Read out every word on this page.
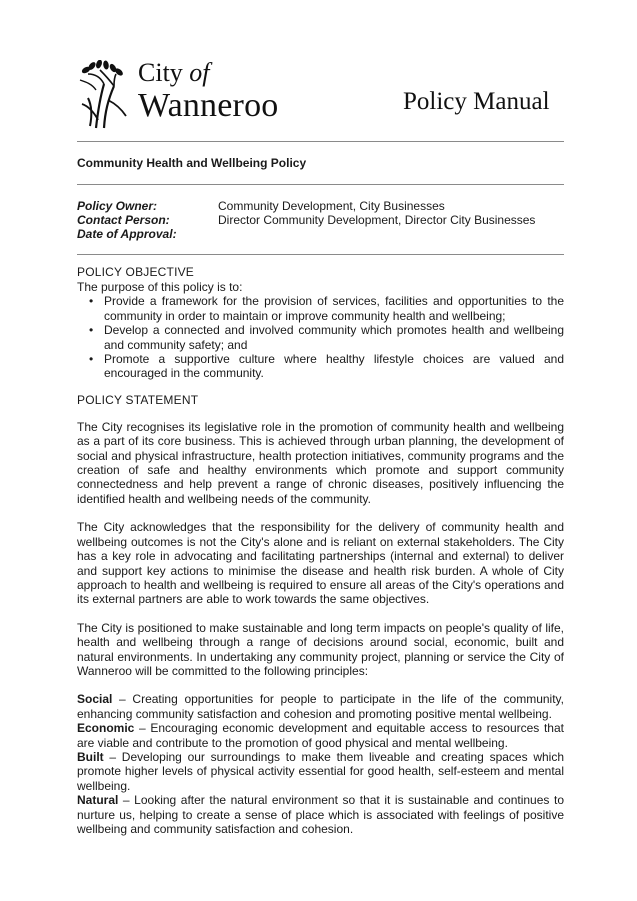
City of
Wanneroo	Policy Manual
Community Health and Wellbeing Policy
Policy Owner:	Community Development, City Businesses
Contact Person:	Director Community Development, Director City Businesses
Date of Approval:
POLICY OBJECTIVE

The purpose of this policy is to:

• Provide a framework for the provision of services, facilities and opportunities to the community in order to maintain or improve community health and wellbeing;
• Develop a connected and involved community which promotes health and wellbeing and community safety; and
• Promote a supportive culture where healthy lifestyle choices are valued and encouraged in the community.
POLICY STATEMENT

The City recognises its legislative role in the promotion of community health and wellbeing as a part of its core business. This is achieved through urban planning, the development of social and physical infrastructure, health protection initiatives, community programs and the creation of safe and healthy environments which promote and support community connectedness and help prevent a range of chronic diseases, positively influencing the identified health and wellbeing needs of the community.

The City acknowledges that the responsibility for the delivery of community health and wellbeing outcomes is not the City's alone and is reliant on external stakeholders. The City has a key role in advocating and facilitating partnerships (internal and external) to deliver and support key actions to minimise the disease and health risk burden. A whole of City approach to health and wellbeing is required to ensure all areas of the City's operations and its external partners are able to work towards the same objectives.

The City is positioned to make sustainable and long term impacts on people's quality of life, health and wellbeing through a range of decisions around social, economic, built and natural environments. In undertaking any community project, planning or service the City of Wanneroo will be committed to the following principles:

Social – Creating opportunities for people to participate in the life of the community, enhancing community satisfaction and cohesion and promoting positive mental wellbeing.

Economic – Encouraging economic development and equitable access to resources that are viable and contribute to the promotion of good physical and mental wellbeing.

Built – Developing our surroundings to make them liveable and creating spaces which promote higher levels of physical activity essential for good health, self-esteem and mental wellbeing.

Natural – Looking after the natural environment so that it is sustainable and continues to nurture us, helping to create a sense of place which is associated with feelings of positive wellbeing and community satisfaction and cohesion.
